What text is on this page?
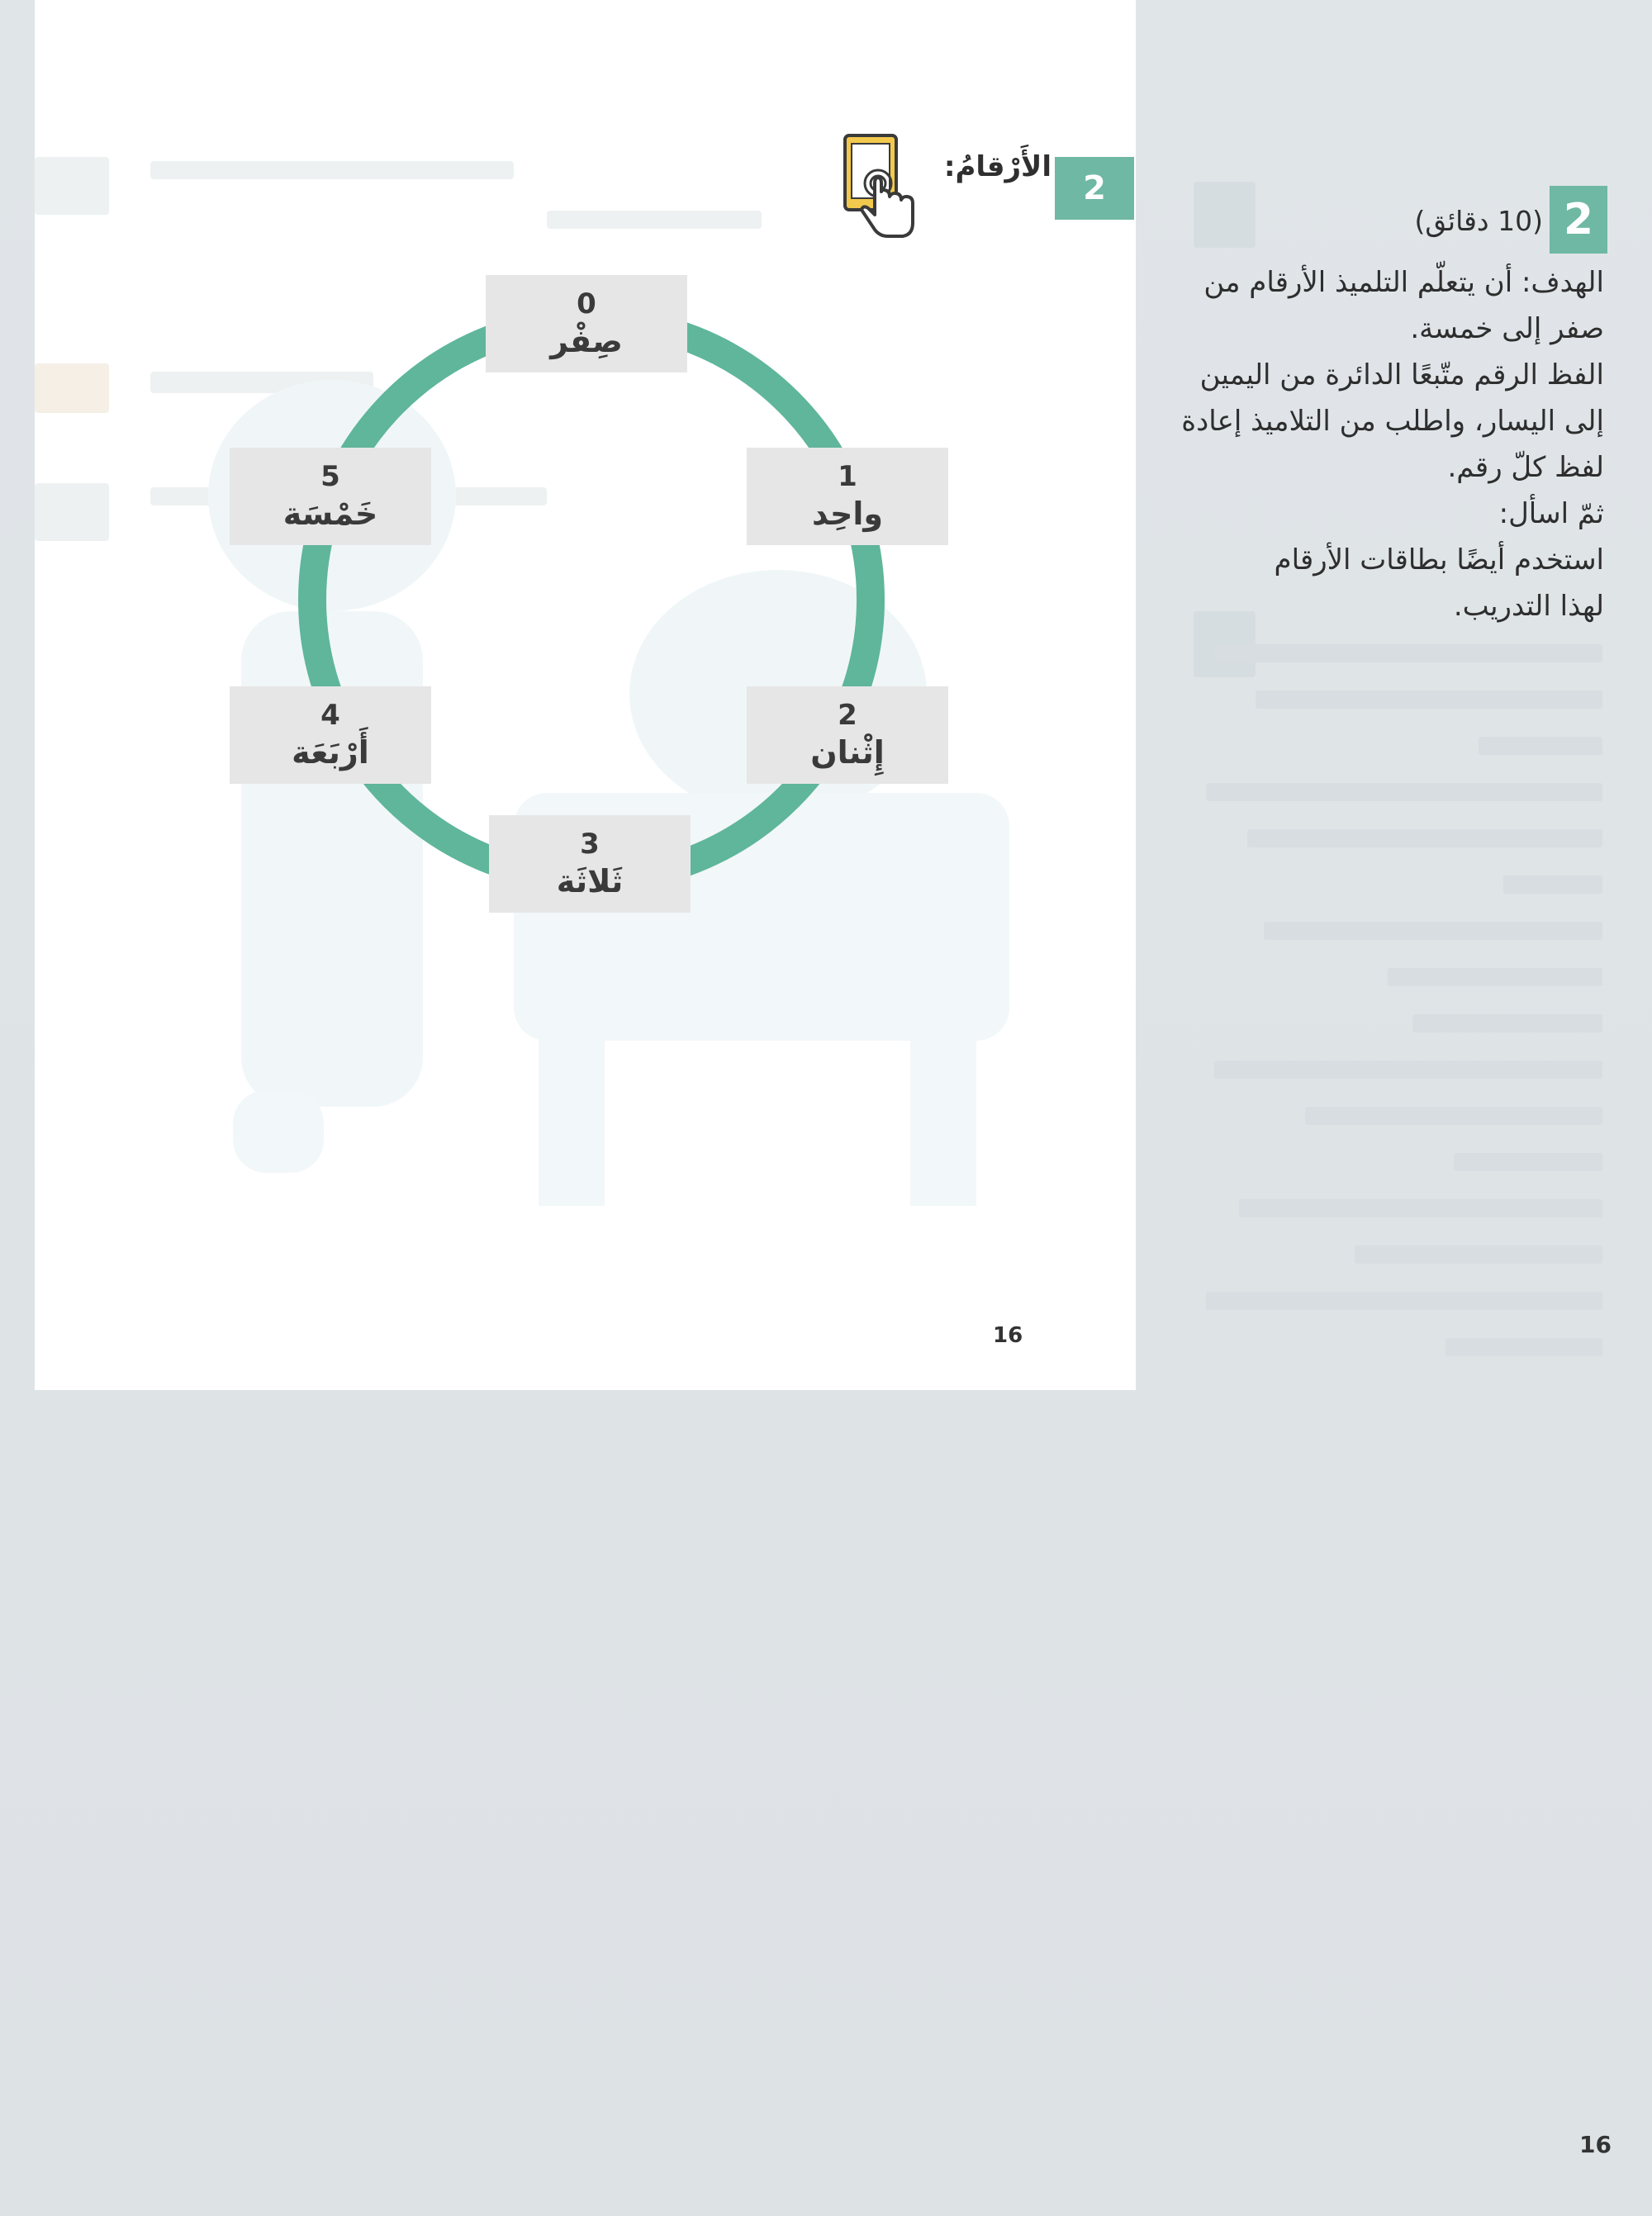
2
الأَرْقامُ:
0
صِفْر
1
واحِد
2
إِثْنان
3
ثَلاثَة
4
أَرْبَعَة
5
خَمْسَة
16
2
(10 دقائق)

الهدف: أن يتعلّم التلميذ الأرقام من

صفر إلى خمسة.

الفظ الرقم متّبعًا الدائرة من اليمين

إلى اليسار، واطلب من التلاميذ إعادة

لفظ كلّ رقم.

ثمّ اسأل:

استخدم أيضًا بطاقات الأرقام

لهذا التدريب.

16
